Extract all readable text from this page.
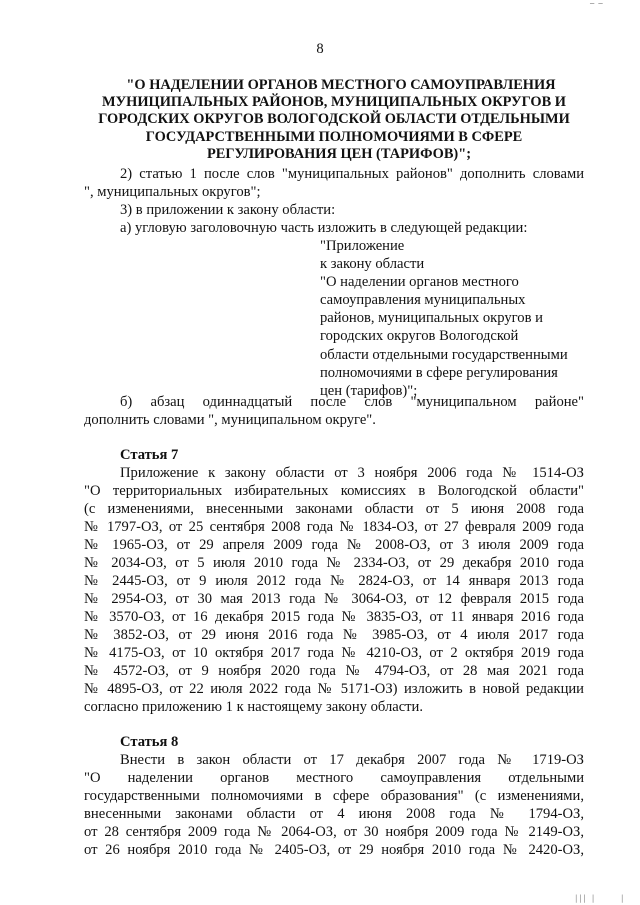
8
"О НАДЕЛЕНИИ ОРГАНОВ МЕСТНОГО САМОУПРАВЛЕНИЯ
МУНИЦИПАЛЬНЫХ РАЙОНОВ, МУНИЦИПАЛЬНЫХ ОКРУГОВ И
ГОРОДСКИХ ОКРУГОВ ВОЛОГОДСКОЙ ОБЛАСТИ ОТДЕЛЬНЫМИ
ГОСУДАРСТВЕННЫМИ ПОЛНОМОЧИЯМИ В СФЕРЕ
РЕГУЛИРОВАНИЯ ЦЕН (ТАРИФОВ)";
2) статью 1 после слов "муниципальных районов" дополнить словами
", муниципальных округов";
3) в приложении к закону области:
а) угловую заголовочную часть изложить в следующей редакции:
б) абзац одиннадцатый после слов "муниципальном районе"
дополнить словами ", муниципальном округе".
Статья 7
Приложение к закону области от 3 ноября 2006 года № 1514-ОЗ
"О территориальных избирательных комиссиях в Вологодской области"
(с изменениями, внесенными законами области от 5 июня 2008 года
№ 1797-ОЗ, от 25 сентября 2008 года № 1834-ОЗ, от 27 февраля 2009 года
№ 1965-ОЗ, от 29 апреля 2009 года № 2008-ОЗ, от 3 июля 2009 года
№ 2034-ОЗ, от 5 июля 2010 года № 2334-ОЗ, от 29 декабря 2010 года
№ 2445-ОЗ, от 9 июля 2012 года № 2824-ОЗ, от 14 января 2013 года
№ 2954-ОЗ, от 30 мая 2013 года № 3064-ОЗ, от 12 февраля 2015 года
№ 3570-ОЗ, от 16 декабря 2015 года № 3835-ОЗ, от 11 января 2016 года
№ 3852-ОЗ, от 29 июня 2016 года № 3985-ОЗ, от 4 июля 2017 года
№ 4175-ОЗ, от 10 октября 2017 года № 4210-ОЗ, от 2 октября 2019 года
№ 4572-ОЗ, от 9 ноября 2020 года № 4794-ОЗ, от 28 мая 2021 года
№ 4895-ОЗ, от 22 июля 2022 года № 5171-ОЗ) изложить в новой редакции
согласно приложению 1 к настоящему закону области.
Статья 8
Внести в закон области от 17 декабря 2007 года № 1719-ОЗ
"О наделении органов местного самоуправления отдельными
государственными полномочиями в сфере образования" (с изменениями,
внесенными законами области от 4 июня 2008 года № 1794-ОЗ,
от 28 сентября 2009 года № 2064-ОЗ, от 30 ноября 2009 года № 2149-ОЗ,
от 26 ноября 2010 года № 2405-ОЗ, от 29 ноября 2010 года № 2420-ОЗ,
"Приложение
к закону области
"О наделении органов местного
самоуправления муниципальных
районов, муниципальных округов и
городских округов Вологодской
области отдельными государственными
полномочиями в сфере регулирования
цен (тарифов)";
│││ │	│
─ ─
